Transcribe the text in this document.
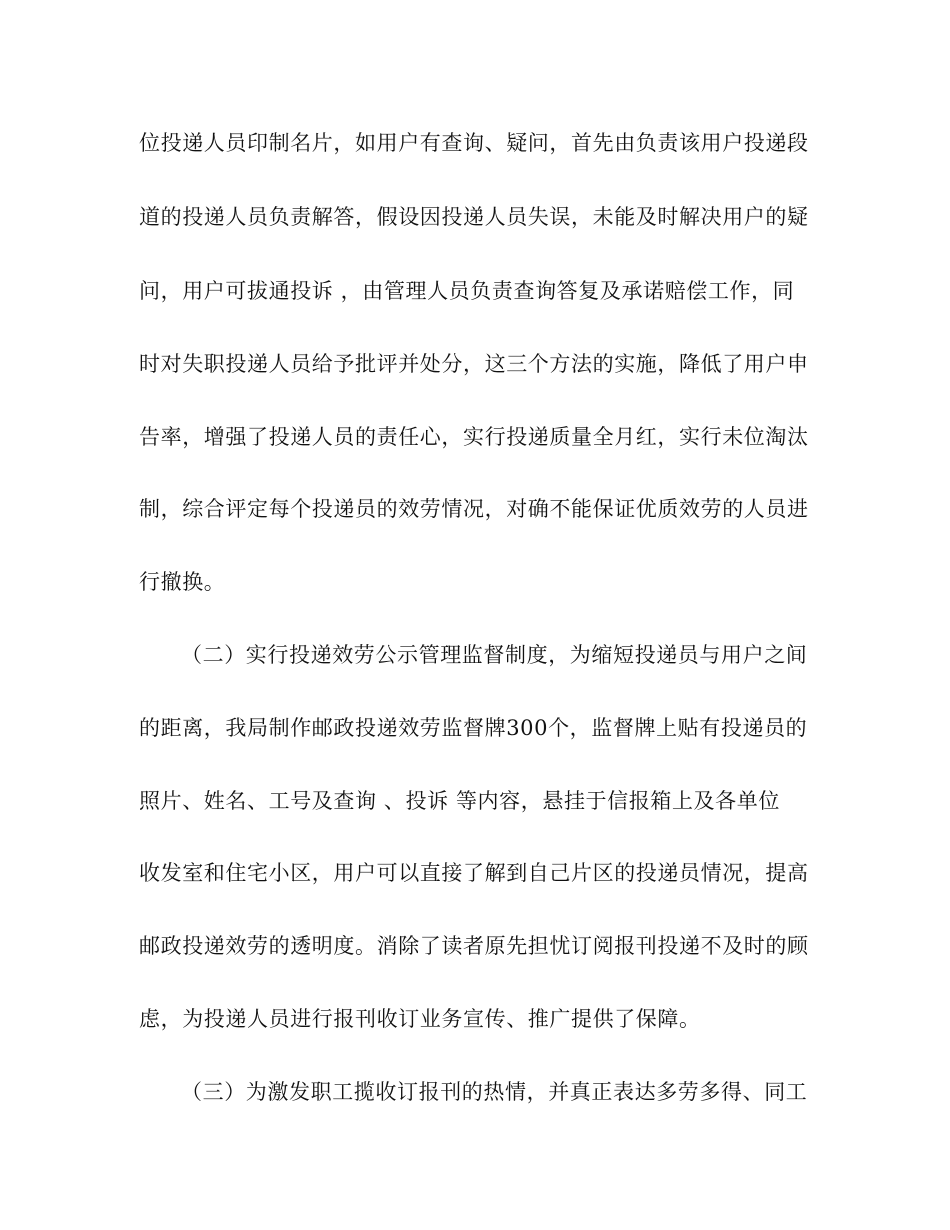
位投递人员印制名片，如用户有查询、疑问，首先由负责该用户投递段
道的投递人员负责解答，假设因投递人员失误，未能及时解决用户的疑
问，用户可拔通投诉 ，由管理人员负责查询答复及承诺赔偿工作，同
时对失职投递人员给予批评并处分，这三个方法的实施，降低了用户申
告率，增强了投递人员的责任心，实行投递质量全月红，实行未位淘汰
制，综合评定每个投递员的效劳情况，对确不能保证优质效劳的人员进
行撤换。
（二）实行投递效劳公示管理监督制度，为缩短投递员与用户之间
的距离，我局制作邮政投递效劳监督牌300个，监督牌上贴有投递员的
照片、姓名、工号及查询 、投诉 等内容，悬挂于信报箱上及各单位
收发室和住宅小区，用户可以直接了解到自己片区的投递员情况，提高
邮政投递效劳的透明度。消除了读者原先担忧订阅报刊投递不及时的顾
虑，为投递人员进行报刊收订业务宣传、推广提供了保障。
（三）为激发职工揽收订报刊的热情，并真正表达多劳多得、同工
